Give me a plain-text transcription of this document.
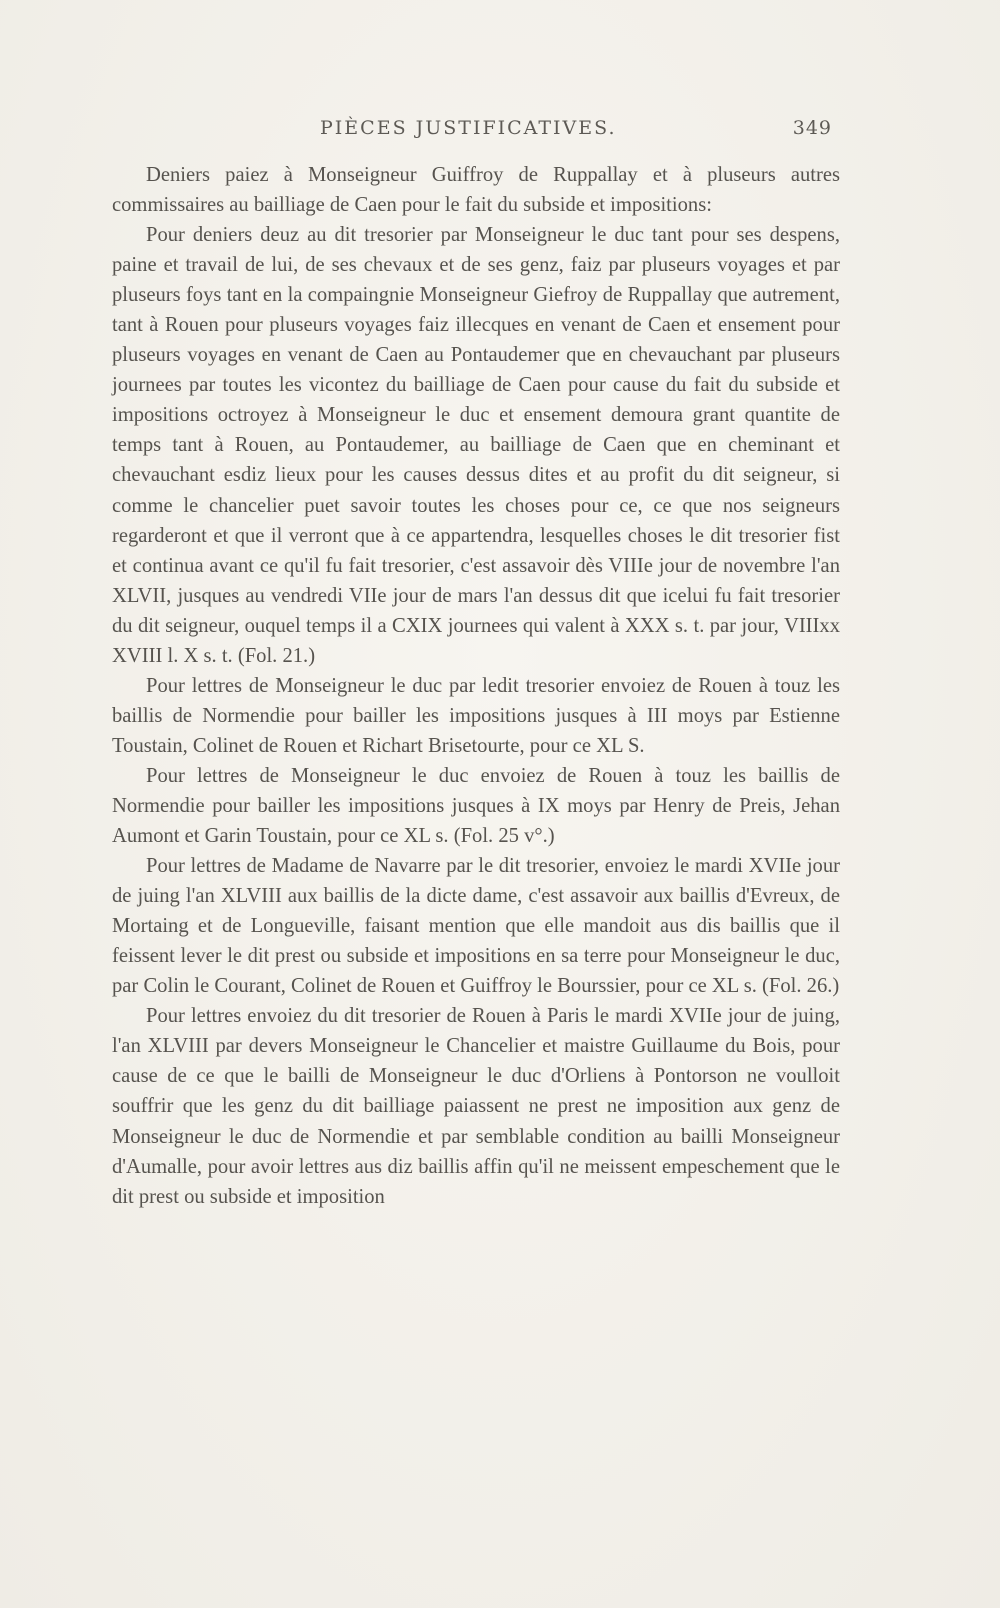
PIÈCES JUSTIFICATIVES.	349

Deniers paiez à Monseigneur Guiffroy de Ruppallay et à pluseurs autres commissaires au bailliage de Caen pour le fait du subside et impositions:

Pour deniers deuz au dit tresorier par Monseigneur le duc tant pour ses despens, paine et travail de lui, de ses chevaux et de ses genz, faiz par pluseurs voyages et par pluseurs foys tant en la compaingnie Monseigneur Giefroy de Ruppallay que autrement, tant à Rouen pour pluseurs voyages faiz illecques en venant de Caen et ensement pour pluseurs voyages en venant de Caen au Pontaudemer que en chevauchant par pluseurs journees par toutes les vicontez du bailliage de Caen pour cause du fait du subside et impositions octroyez à Monseigneur le duc et ensement demoura grant quantite de temps tant à Rouen, au Pontaudemer, au bailliage de Caen que en cheminant et chevauchant esdiz lieux pour les causes dessus dites et au profit du dit seigneur, si comme le chancelier puet savoir toutes les choses pour ce, ce que nos seigneurs regarderont et que il verront que à ce appartendra, lesquelles choses le dit tresorier fist et continua avant ce qu'il fu fait tresorier, c'est assavoir dès VIIIe jour de novembre l'an XLVII, jusques au vendredi VIIe jour de mars l'an dessus dit que icelui fu fait tresorier du dit seigneur, ouquel temps il a CXIX journees qui valent à XXX s. t. par jour, VIIIxx XVIII l. X s. t. (Fol. 21.)

Pour lettres de Monseigneur le duc par ledit tresorier envoiez de Rouen à touz les baillis de Normendie pour bailler les impositions jusques à III moys par Estienne Toustain, Colinet de Rouen et Richart Brisetourte, pour ce XL S.

Pour lettres de Monseigneur le duc envoiez de Rouen à touz les baillis de Normendie pour bailler les impositions jusques à IX moys par Henry de Preis, Jehan Aumont et Garin Toustain, pour ce XL s. (Fol. 25 v°.)

Pour lettres de Madame de Navarre par le dit tresorier, envoiez le mardi XVIIe jour de juing l'an XLVIII aux baillis de la dicte dame, c'est assavoir aux baillis d'Evreux, de Mortaing et de Longueville, faisant mention que elle mandoit aus dis baillis que il feissent lever le dit prest ou subside et impositions en sa terre pour Monseigneur le duc, par Colin le Courant, Colinet de Rouen et Guiffroy le Bourssier, pour ce XL s. (Fol. 26.)

Pour lettres envoiez du dit tresorier de Rouen à Paris le mardi XVIIe jour de juing, l'an XLVIII par devers Monseigneur le Chancelier et maistre Guillaume du Bois, pour cause de ce que le bailli de Monseigneur le duc d'Orliens à Pontorson ne voulloit souffrir que les genz du dit bailliage paiassent ne prest ne imposition aux genz de Monseigneur le duc de Normendie et par semblable condition au bailli Monseigneur d'Aumalle, pour avoir lettres aus diz baillis affin qu'il ne meissent empeschement que le dit prest ou subside et imposition
